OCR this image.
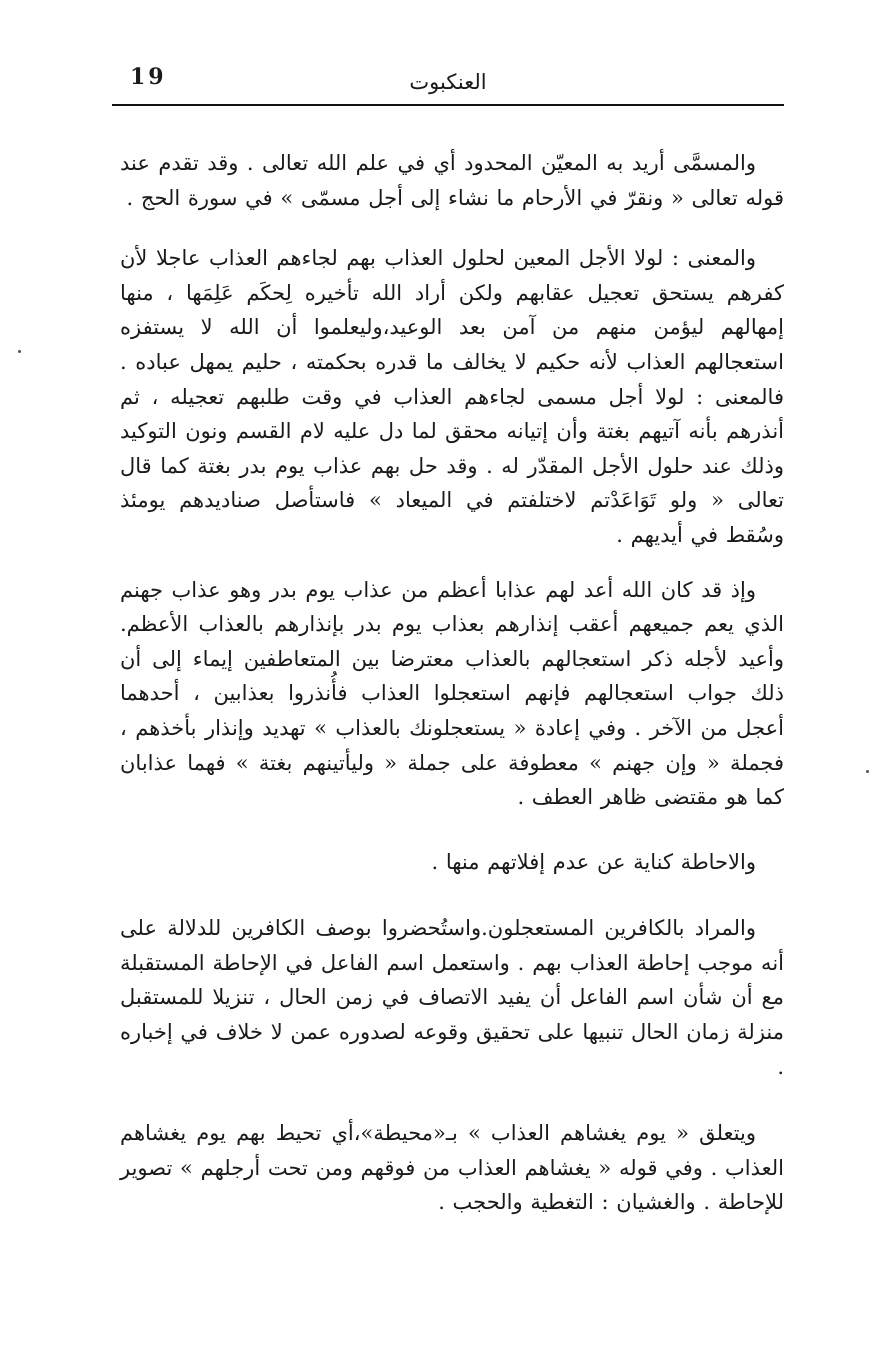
19	العنكبوت

والمسمَّى أريد به المعيّن المحدود أي في علم الله تعالى . وقد تقدم عند قوله تعالى « ونقرّ في الأرحام ما نشاء إلى أجل مسمّى » في سورة الحج .

والمعنى : لولا الأجل المعين لحلول العذاب بهم لجاءهم العذاب عاجلا لأن كفرهم يستحق تعجيل عقابهم ولكن أراد الله تأخيره لِحكَم عَلِمَها ، منها إمهالهم ليؤمن منهم من آمن بعد الوعيد،وليعلموا أن الله لا يستفزه استعجالهم العذاب لأنه حكيم لا يخالف ما قدره بحكمته ، حليم يمهل عباده . فالمعنى : لولا أجل مسمى لجاءهم العذاب في وقت طلبهم تعجيله ، ثم أنذرهم بأنه آتيهم بغتة وأن إتيانه محقق لما دل عليه لام القسم ونون التوكيد وذلك عند حلول الأجل المقدّر له . وقد حل بهم عذاب يوم بدر بغتة كما قال تعالى « ولو تَوَاعَدْتم لاختلفتم في الميعاد » فاستأصل صناديدهم يومئذ وسُقط في أيديهم .

وإذ قد كان الله أعد لهم عذابا أعظم من عذاب يوم بدر وهو عذاب جهنم الذي يعم جميعهم أعقب إنذارهم بعذاب يوم بدر بإنذارهم بالعذاب الأعظم. وأعيد لأجله ذكر استعجالهم بالعذاب معترضا بين المتعاطفين إيماء إلى أن ذلك جواب استعجالهم فإنهم استعجلوا العذاب فأُنذروا بعذابين ، أحدهما أعجل من الآخر . وفي إعادة « يستعجلونك بالعذاب » تهديد وإنذار بأخذهم ، فجملة « وإن جهنم » معطوفة على جملة « وليأتينهم بغتة » فهما عذابان كما هو مقتضى ظاهر العطف .

والاحاطة كناية عن عدم إفلاتهم منها .

والمراد بالكافرين المستعجلون.واستُحضروا بوصف الكافرين للدلالة على أنه موجب إحاطة العذاب بهم . واستعمل اسم الفاعل في الإحاطة المستقبلة مع أن شأن اسم الفاعل أن يفيد الاتصاف في زمن الحال ، تنزيلا للمستقبل منزلة زمان الحال تنبيها على تحقيق وقوعه لصدوره عمن لا خلاف في إخباره .

ويتعلق « يوم يغشاهم العذاب » بـ«محيطة»،أي تحيط بهم يوم يغشاهم العذاب . وفي قوله « يغشاهم العذاب من فوقهم ومن تحت أرجلهم » تصوير للإحاطة . والغشيان : التغطية والحجب .
